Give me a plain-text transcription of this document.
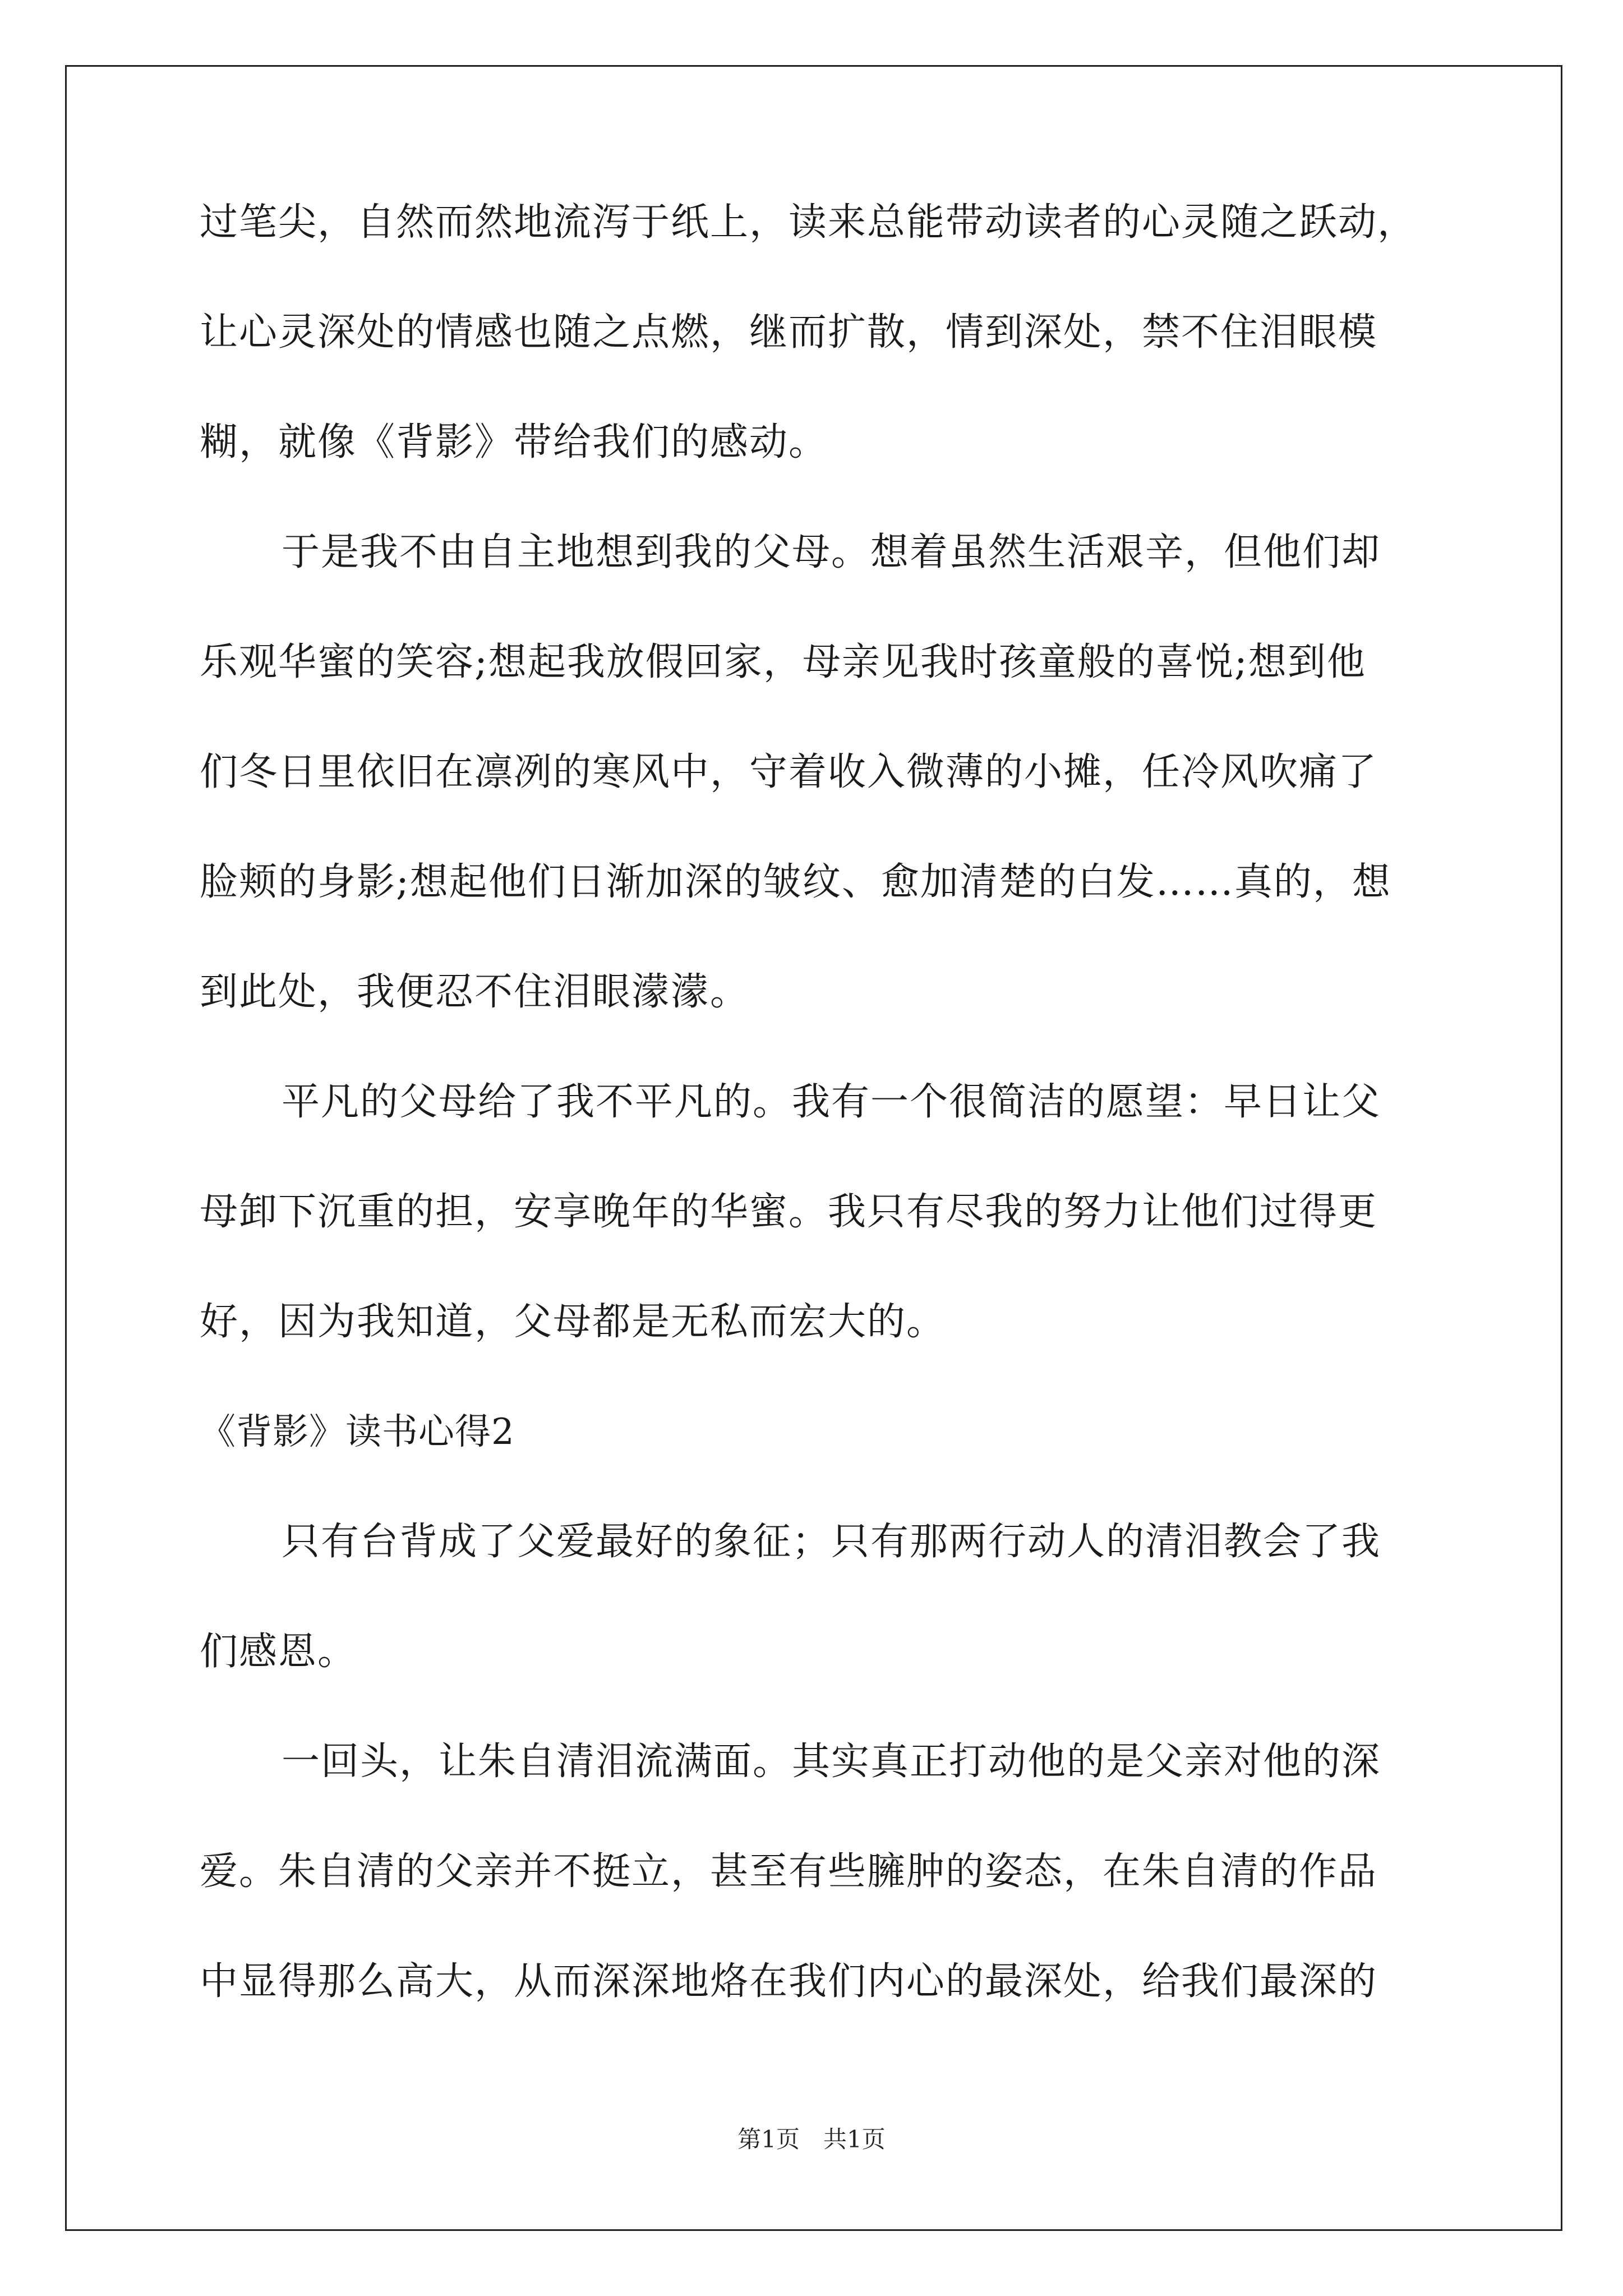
过笔尖，自然而然地流泻于纸上，读来总能带动读者的心灵随之跃动，
让心灵深处的情感也随之点燃，继而扩散，情到深处，禁不住泪眼模
糊，就像《背影》带给我们的感动。
于是我不由自主地想到我的父母。想着虽然生活艰辛，但他们却
乐观华蜜的笑容;想起我放假回家，母亲见我时孩童般的喜悦;想到他
们冬日里依旧在凛冽的寒风中，守着收入微薄的小摊，任冷风吹痛了
脸颊的身影;想起他们日渐加深的皱纹、愈加清楚的白发……真的，想
到此处，我便忍不住泪眼濛濛。
平凡的父母给了我不平凡的。我有一个很简洁的愿望：早日让父
母卸下沉重的担，安享晚年的华蜜。我只有尽我的努力让他们过得更
好，因为我知道，父母都是无私而宏大的。
《背影》读书心得2
只有台背成了父爱最好的象征；只有那两行动人的清泪教会了我
们感恩。
一回头，让朱自清泪流满面。其实真正打动他的是父亲对他的深
爱。朱自清的父亲并不挺立，甚至有些臃肿的姿态，在朱自清的作品
中显得那么高大，从而深深地烙在我们内心的最深处，给我们最深的
第1页　共1页
